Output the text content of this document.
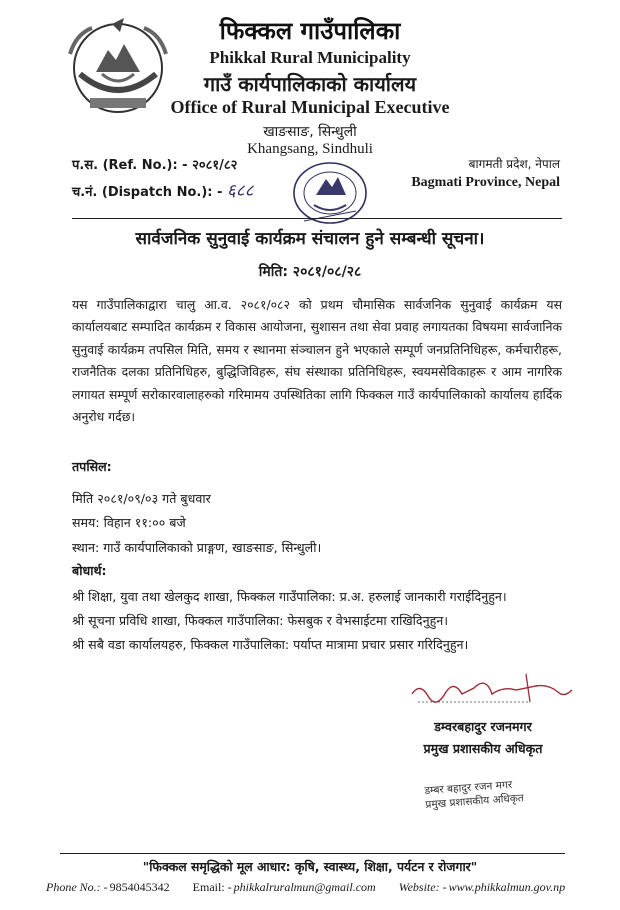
फिक्कल गाउँपालिका
Phikkal Rural Municipality
गाउँ कार्यपालिकाको कार्यालय
Office of Rural Municipal Executive
खाङसाङ, सिन्धुली
Khangsang, Sindhuli
प.स. (Ref. No.): - २०८१/८२
च.नं. (Dispatch No.): - ६८८
बागमती प्रदेश, नेपाल
Bagmati Province, Nepal
सार्वजनिक सुनुवाई कार्यक्रम संचालन हुने सम्बन्धी सूचना।
मिति: २०८१/०८/२८
यस गाउँपालिकाद्वारा चालु आ.व. २०८१/०८२ को प्रथम चौमासिक सार्वजनिक सुनुवाई कार्यक्रम यस कार्यालयबाट सम्पादित कार्यक्रम र विकास आयोजना, सुशासन तथा सेवा प्रवाह लगायतका विषयमा सार्वजानिक सुनुवाई कार्यक्रम तपसिल मिति, समय र स्थानमा संञ्चालन हुने भएकाले सम्पूर्ण जनप्रतिनिधिहरू, कर्मचारीहरू, राजनैतिक दलका प्रतिनिधिहरु, बुद्धिजिविहरू, संघ संस्थाका प्रतिनिधिहरू, स्वयमसेविकाहरू र आम नागरिक लगायत सम्पूर्ण सरोकारवालाहरुको गरिमामय उपस्थितिका लागि फिक्कल गाउँ कार्यपालिकाको कार्यालय हार्दिक अनुरोध गर्दछ।
तपसिल:
मिति २०८१/०९/०३ गते बुधवार
समय: विहान ११:०० बजे
स्थान: गाउँ कार्यपालिकाको प्राङ्गण, खाङसाङ, सिन्धुली।
बोधार्थ:
श्री शिक्षा, युवा तथा खेलकुद शाखा, फिक्कल गाउँपालिका: प्र.अ. हरुलाई जानकारी गराईदिनुहुन।
श्री सूचना प्रविधि शाखा, फिक्कल गाउँपालिका: फेसबुक र वेभसाईटमा राखिदिनुहुन।
श्री सबै वडा कार्यालयहरु, फिक्कल गाउँपालिका: पर्याप्त मात्रामा प्रचार प्रसार गरिदिनुहुन।
डम्वरबहादुर रजनमगर
प्रमुख प्रशासकीय अधिकृत
डम्बर बहादुर रजन मगर
प्रमुख प्रशासकीय अधिकृत
"फिक्कल समृद्धिको मूल आधार: कृषि, स्वास्थ्य, शिक्षा, पर्यटन र रोजगार"
Phone No.: - 9854045342 Email: - phikkalruralmun@gmail.com Website: - www.phikkalmun.gov.np
